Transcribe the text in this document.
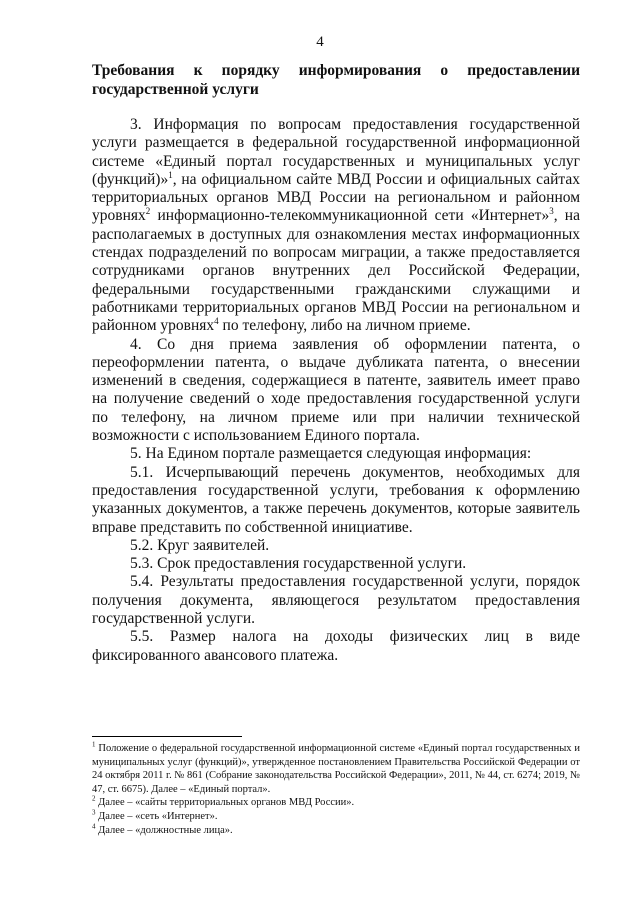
4
Требования к порядку информирования о предоставлении государственной услуги

3. Информация по вопросам предоставления государственной услуги размещается в федеральной государственной информационной системе «Единый портал государственных и муниципальных услуг (функций)»$^1$, на официальном сайте МВД России и официальных сайтах территориальных органов МВД России на региональном и районном уровнях$^2$ информационно-телекоммуникационной сети «Интернет»$^3$, на располагаемых в доступных для ознакомления местах информационных стендах подразделений по вопросам миграции, а также предоставляется сотрудниками органов внутренних дел Российской Федерации, федеральными государственными гражданскими служащими и работниками территориальных органов МВД России на региональном и районном уровнях$^4$ по телефону, либо на личном приеме.

4. Со дня приема заявления об оформлении патента, о переоформлении патента, о выдаче дубликата патента, о внесении изменений в сведения, содержащиеся в патенте, заявитель имеет право на получение сведений о ходе предоставления государственной услуги по телефону, на личном приеме или при наличии технической возможности с использованием Единого портала.

5. На Едином портале размещается следующая информация:

5.1. Исчерпывающий перечень документов, необходимых для предоставления государственной услуги, требования к оформлению указанных документов, а также перечень документов, которые заявитель вправе представить по собственной инициативе.

5.2. Круг заявителей.

5.3. Срок предоставления государственной услуги.

5.4. Результаты предоставления государственной услуги, порядок получения документа, являющегося результатом предоставления государственной услуги.

5.5. Размер налога на доходы физических лиц в виде фиксированного авансового платежа.

$^1$ Положение о федеральной государственной информационной системе «Единый портал государственных и муниципальных услуг (функций)», утвержденное постановлением Правительства Российской Федерации от 24 октября 2011 г. № 861 (Собрание законодательства Российской Федерации», 2011, № 44, ст. 6274; 2019, № 47, ст. 6675). Далее – «Единый портал».

$^2$ Далее – «сайты территориальных органов МВД России».

$^3$ Далее – «сеть «Интернет».

$^4$ Далее – «должностные лица».
